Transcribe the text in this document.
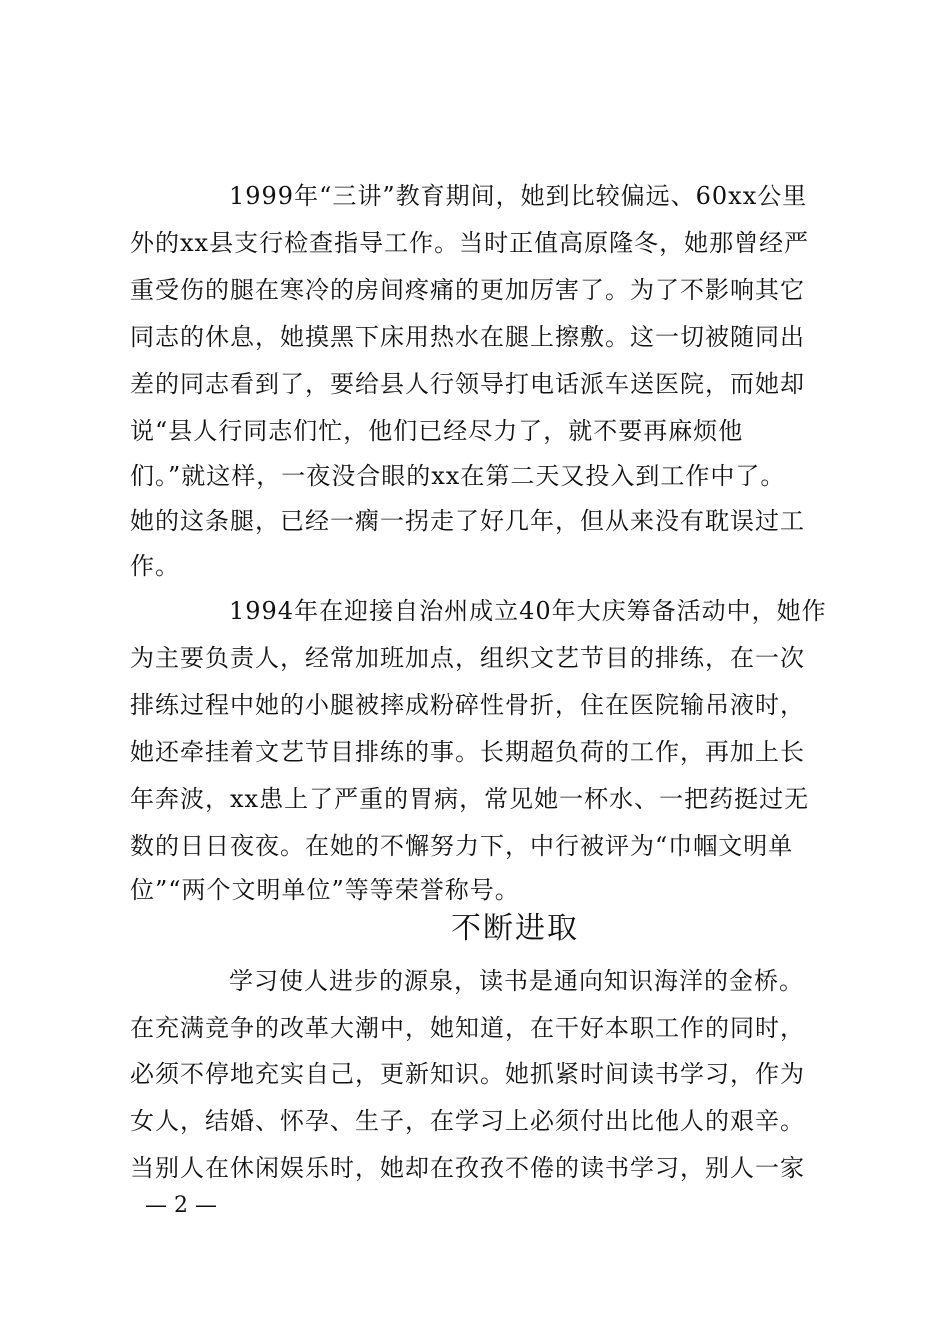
1999年“三讲”教育期间，她到比较偏远、60xx公里
外的xx县支行检查指导工作。当时正值高原隆冬，她那曾经严
重受伤的腿在寒冷的房间疼痛的更加厉害了。为了不影响其它
同志的休息，她摸黑下床用热水在腿上擦敷。这一切被随同出
差的同志看到了，要给县人行领导打电话派车送医院，而她却
说“县人行同志们忙，他们已经尽力了，就不要再麻烦他
们。”就这样，一夜没合眼的xx在第二天又投入到工作中了。
她的这条腿，已经一瘸一拐走了好几年，但从来没有耽误过工
作。
1994年在迎接自治州成立40年大庆筹备活动中，她作
为主要负责人，经常加班加点，组织文艺节目的排练，在一次
排练过程中她的小腿被摔成粉碎性骨折，住在医院输吊液时，
她还牵挂着文艺节目排练的事。长期超负荷的工作，再加上长
年奔波，xx患上了严重的胃病，常见她一杯水、一把药挺过无
数的日日夜夜。在她的不懈努力下，中行被评为“巾帼文明单
位”“两个文明单位”等等荣誉称号。
不断进取
学习使人进步的源泉，读书是通向知识海洋的金桥。
在充满竞争的改革大潮中，她知道，在干好本职工作的同时，
必须不停地充实自己，更新知识。她抓紧时间读书学习，作为
女人，结婚、怀孕、生子，在学习上必须付出比他人的艰辛。
当别人在休闲娱乐时，她却在孜孜不倦的读书学习，别人一家
— 2 —
